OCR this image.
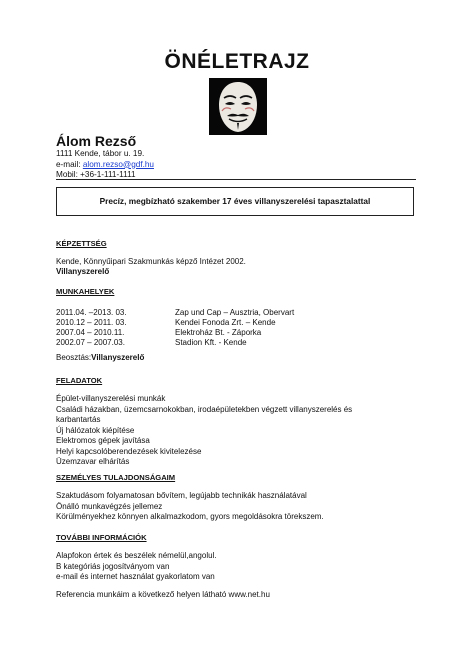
ÖNÉLETRAJZ
Álom Rezső
1111 Kende, tábor u. 19.
e-mail: alom.rezso@gdf.hu
Mobil: +36-1-111-1111
Precíz, megbízható szakember 17 éves villanyszerelési tapasztalattal
KÉPZETTSÉG
Kende, Könnyűipari Szakmunkás képző Intézet 2002.
Villanyszerelő
MUNKAHELYEK
2011.04. –2013. 03.	Zap und Cap – Ausztria, Obervart
2010.12 – 2011. 03.	Kendei Fonoda Zrt. – Kende
2007.04 – 2010.11.	Elektroház Bt. - Záporka
2002.07 – 2007.03.	Stadion Kft. - Kende
Beosztás:Villanyszerelő
FELADATOK
Épület-villanyszerelési munkák
Családi házakban, üzemcsarnokokban, irodaépületekben végzett villanyszerelés és
karbantartás
Új hálózatok kiépítése
Elektromos gépek javítása
Helyi kapcsolóberendezések kivitelezése
Üzemzavar elhárítás
SZEMÉLYES TULAJDONSÁGAIM
Szaktudásom folyamatosan bővítem, legújabb technikák használatával
Önálló munkavégzés jellemez
Körülményekhez könnyen alkalmazkodom, gyors megoldásokra törekszem.
TOVÁBBI INFORMÁCIÓK
Alapfokon értek és beszélek némelül,angolul.
B kategóriás jogosítványom van
e-mail és internet használat gyakorlatom van
Referencia munkáim a következő helyen látható www.net.hu
